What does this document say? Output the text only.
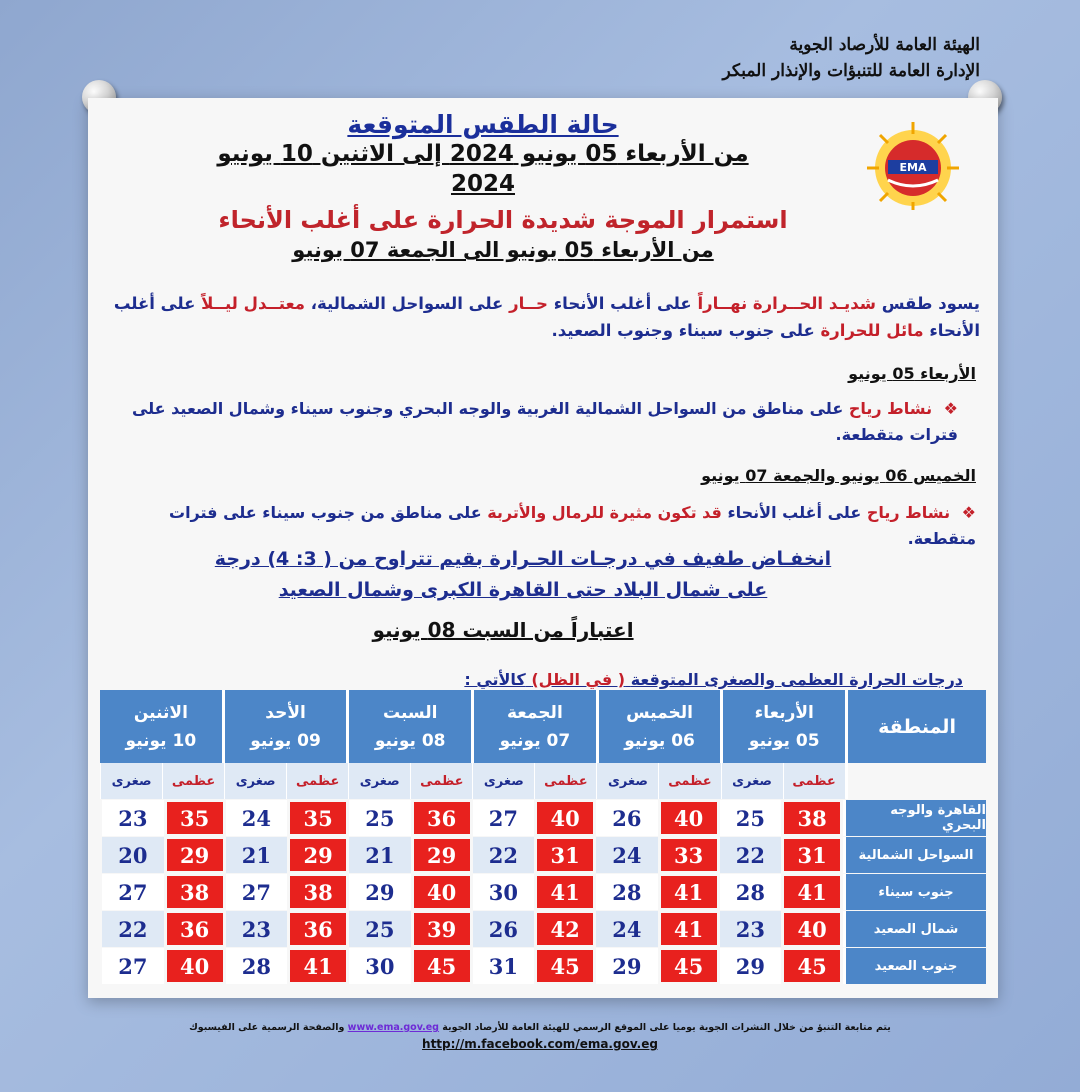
الهيئة العامة للأرصاد الجوية
الإدارة العامة للتنبؤات والإنذار المبكر
EMA
حالة الطقس المتوقعة
من الأربعاء 05 يونيو 2024 إلى الاثنين 10 يونيو 2024
استمرار الموجة شديدة الحرارة على أغلب الأنحاء
من الأربعاء 05 يونيو الى الجمعة 07 يونيو
يسود طقس شديـد الحــرارة نهــاراً على أغلب الأنحاء حــار على السواحل الشمالية، معتــدل ليــلاً على أغلب الأنحاء مائل للحرارة على جنوب سيناء وجنوب الصعيد.
الأربعاء 05 يونيو
❖ نشاط رياح على مناطق من السواحل الشمالية الغربية والوجه البحري وجنوب سيناء وشمال الصعيد على فترات متقطعة.
الخميس 06 يونيو والجمعة 07 يونيو
❖ نشاط رياح على أغلب الأنحاء قد تكون مثيرة للرمال والأتربة على مناطق من جنوب سيناء على فترات متقطعة.
انخفـاض طفيف في درجـات الحـرارة بقيم تتراوح من ( 3: 4) درجة
على شمال البلاد حتى القاهرة الكبرى وشمال الصعيد
اعتباراً من السبت 08 يونيو
درجات الحرارة العظمى والصغرى المتوقعة ( في الظل) كالأتي :
المنطقة
الأربعاء
05 يونيو
الخميس
06 يونيو
الجمعة
07 يونيو
السبت
08 يونيو
الأحد
09 يونيو
الاثنين
10 يونيو
عظمى
صغرى
عظمى
صغرى
عظمى
صغرى
عظمى
صغرى
عظمى
صغرى
عظمى
صغرى
القاهرة والوجه البحري
38
25
40
26
40
27
36
25
35
24
35
23
السواحل الشمالية
31
22
33
24
31
22
29
21
29
21
29
20
جنوب سيناء
41
28
41
28
41
30
40
29
38
27
38
27
شمال الصعيد
40
23
41
24
42
26
39
25
36
23
36
22
جنوب الصعيد
45
29
45
29
45
31
45
30
41
28
40
27
يتم متابعة التنبؤ من خلال النشرات الجوية يوميا على الموقع الرسمي للهيئة العامة للأرصاد الجوية www.ema.gov.eg والصفحة الرسمية على الفيسبوك
http://m.facebook.com/ema.gov.eg
